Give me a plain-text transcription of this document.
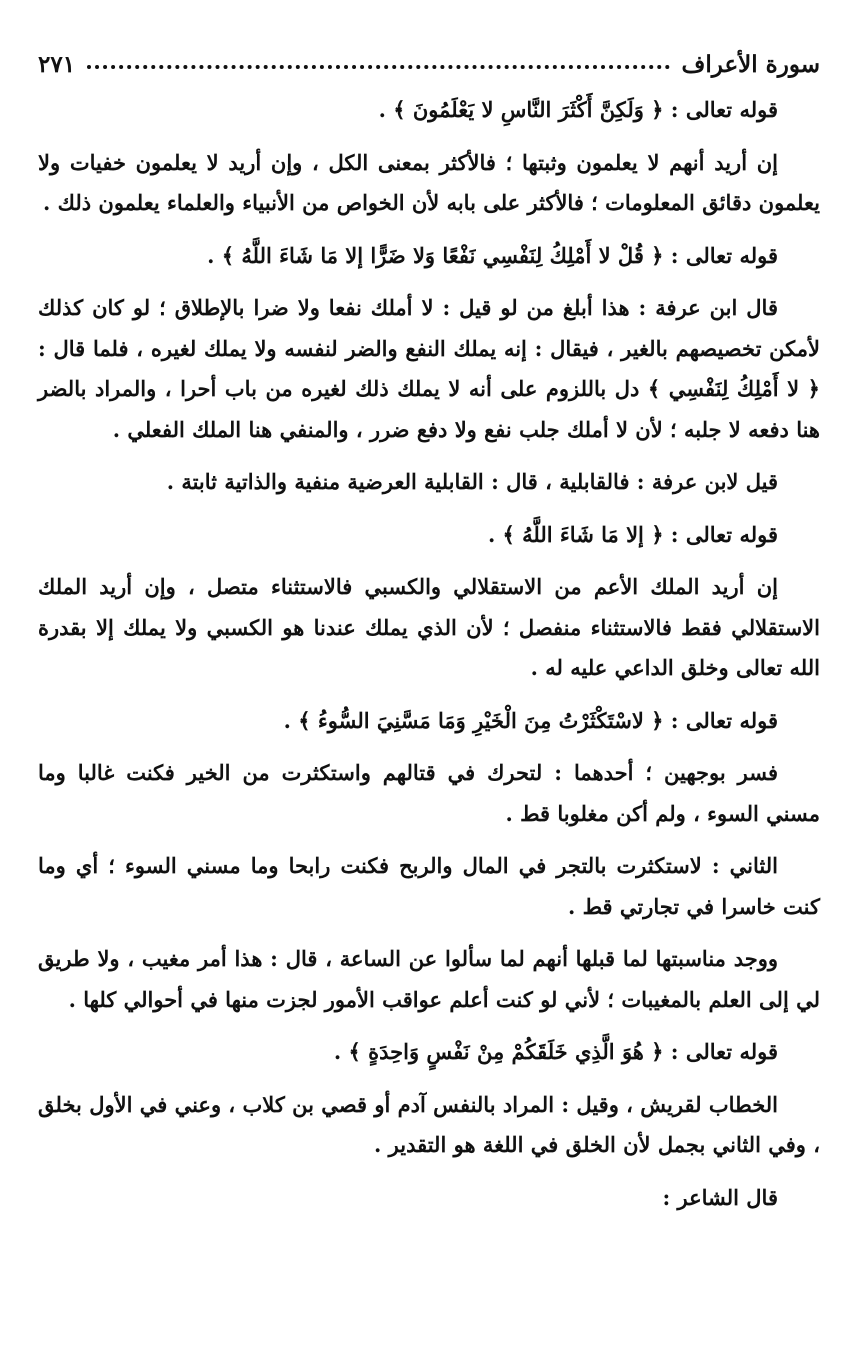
سورة الأعراف
٢٧١

قوله تعالى : ﴿ وَلَكِنَّ أَكْثَرَ النَّاسِ لا يَعْلَمُونَ ﴾ .

إن أريد أنهم لا يعلمون وثبتها ؛ فالأكثر بمعنى الكل ، وإن أريد لا يعلمون خفيات ولا يعلمون دقائق المعلومات ؛ فالأكثر على بابه لأن الخواص من الأنبياء والعلماء يعلمون ذلك .

قوله تعالى : ﴿ قُلْ لا أَمْلِكُ لِنَفْسِي نَفْعًا وَلا ضَرًّا إلا مَا شَاءَ اللَّهُ ﴾ .

قال ابن عرفة : هذا أبلغ من لو قيل : لا أملك نفعا ولا ضرا بالإطلاق ؛ لو كان كذلك لأمكن تخصيصهم بالغير ، فيقال : إنه يملك النفع والضر لنفسه ولا يملك لغيره ، فلما قال : ﴿ لا أَمْلِكُ لِنَفْسِي ﴾ دل باللزوم على أنه لا يملك ذلك لغيره من باب أحرا ، والمراد بالضر هنا دفعه لا جلبه ؛ لأن لا أملك جلب نفع ولا دفع ضرر ، والمنفي هنا الملك الفعلي .

قيل لابن عرفة : فالقابلية ، قال : القابلية العرضية منفية والذاتية ثابتة .

قوله تعالى : ﴿ إلا مَا شَاءَ اللَّهُ ﴾ .

إن أريد الملك الأعم من الاستقلالي والكسبي فالاستثناء متصل ، وإن أريد الملك الاستقلالي فقط فالاستثناء منفصل ؛ لأن الذي يملك عندنا هو الكسبي ولا يملك إلا بقدرة الله تعالى وخلق الداعي عليه له .

قوله تعالى : ﴿ لاسْتَكْثَرْتُ مِنَ الْخَيْرِ وَمَا مَسَّنِيَ السُّوءُ ﴾ .

فسر بوجهين ؛ أحدهما : لتحرك في قتالهم واستكثرت من الخير فكنت غالبا وما مسني السوء ، ولم أكن مغلوبا قط .

الثاني : لاستكثرت بالتجر في المال والربح فكنت رابحا وما مسني السوء ؛ أي وما كنت خاسرا في تجارتي قط .

ووجد مناسبتها لما قبلها أنهم لما سألوا عن الساعة ، قال : هذا أمر مغيب ، ولا طريق لي إلى العلم بالمغيبات ؛ لأني لو كنت أعلم عواقب الأمور لجزت منها في أحوالي كلها .

قوله تعالى : ﴿ هُوَ الَّذِي خَلَقَكُمْ مِنْ نَفْسٍ وَاحِدَةٍ ﴾ .

الخطاب لقريش ، وقيل : المراد بالنفس آدم أو قصي بن كلاب ، وعني في الأول بخلق ، وفي الثاني بجمل لأن الخلق في اللغة هو التقدير .

قال الشاعر :
